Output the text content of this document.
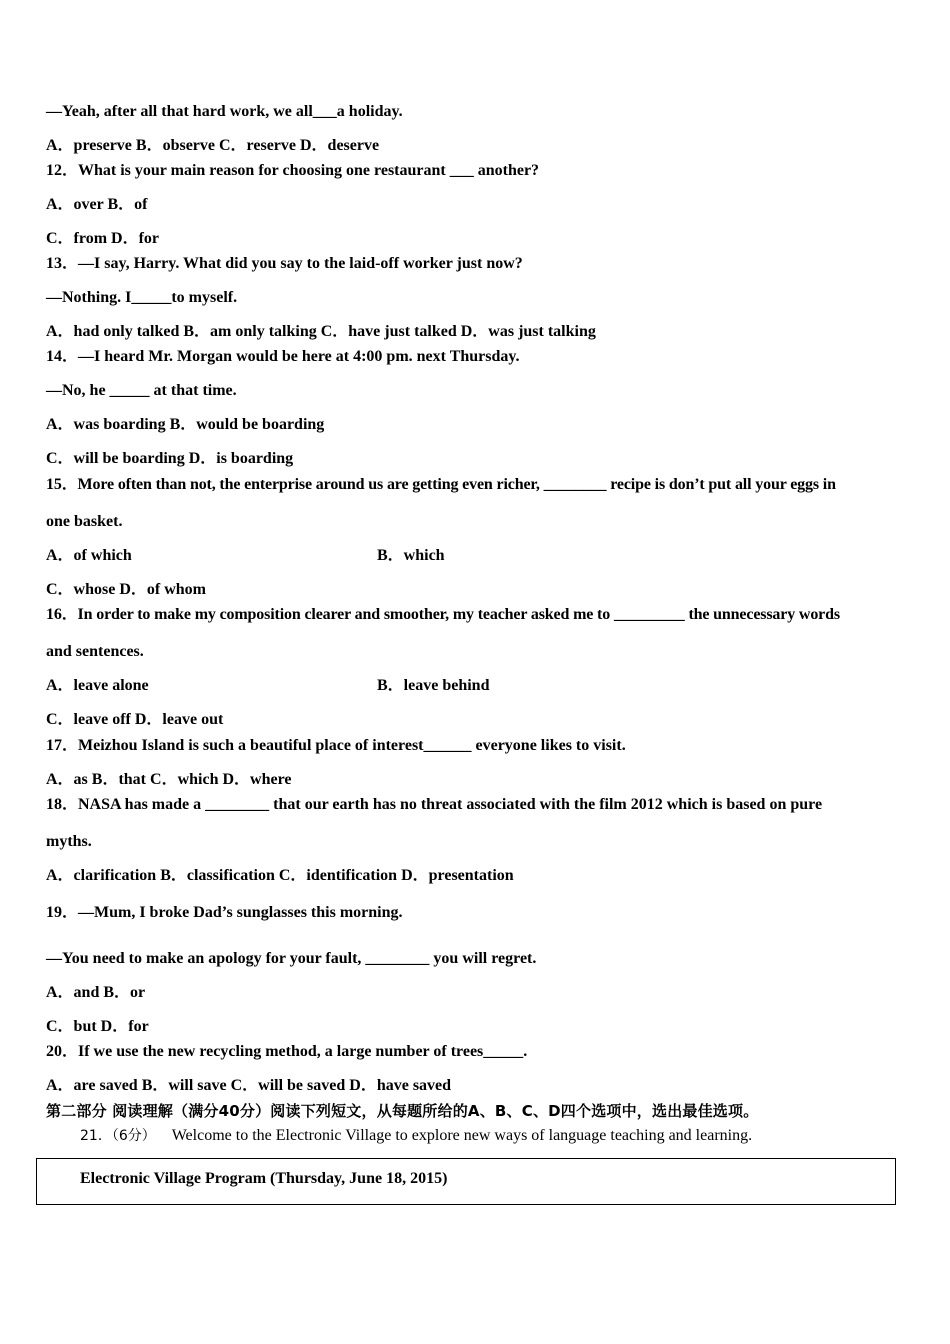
—Yeah, after all that hard work, we all___a holiday.
A．preserve B．observe C．reserve D．deserve
12．What is your main reason for choosing one restaurant ___ another?
A．over B．of
C．from D．for
13．—I say, Harry. What did you say to the laid-off worker just now?
—Nothing. I_____to myself.
A．had only talked B．am only talking C．have just talked D．was just talking
14．—I heard Mr. Morgan would be here at 4:00 pm. next Thursday.
—No, he _____ at that time.
A．was boarding B．would be boarding
C．will be boarding D．is boarding
15．More often than not, the enterprise around us are getting even richer, ________ recipe is don’t put all your eggs in
one basket.
A．of which	B．which
C．whose D．of whom
16．In order to make my composition clearer and smoother, my teacher asked me to _________ the unnecessary words
and sentences.
A．leave alone	B．leave behind
C．leave off D．leave out
17．Meizhou Island is such a beautiful place of interest______ everyone likes to visit.
A．as B．that C．which D．where
18．NASA has made a ________ that our earth has no threat associated with the film 2012 which is based on pure
myths.
A．clarification B．classification C．identification D．presentation
19．—Mum, I broke Dad’s sunglasses this morning.
—You need to make an apology for your fault, ________ you will regret.
A．and B．or
C．but D．for
20．If we use the new recycling method, a large number of trees_____.
A．are saved B．will save C．will be saved D．have saved
第二部分 阅读理解（满分40分）阅读下列短文，从每题所给的A、B、C、D四个选项中，选出最佳选项。
21．（6分） Welcome to the Electronic Village to explore new ways of language teaching and learning.
Electronic Village Program (Thursday, June 18, 2015)
